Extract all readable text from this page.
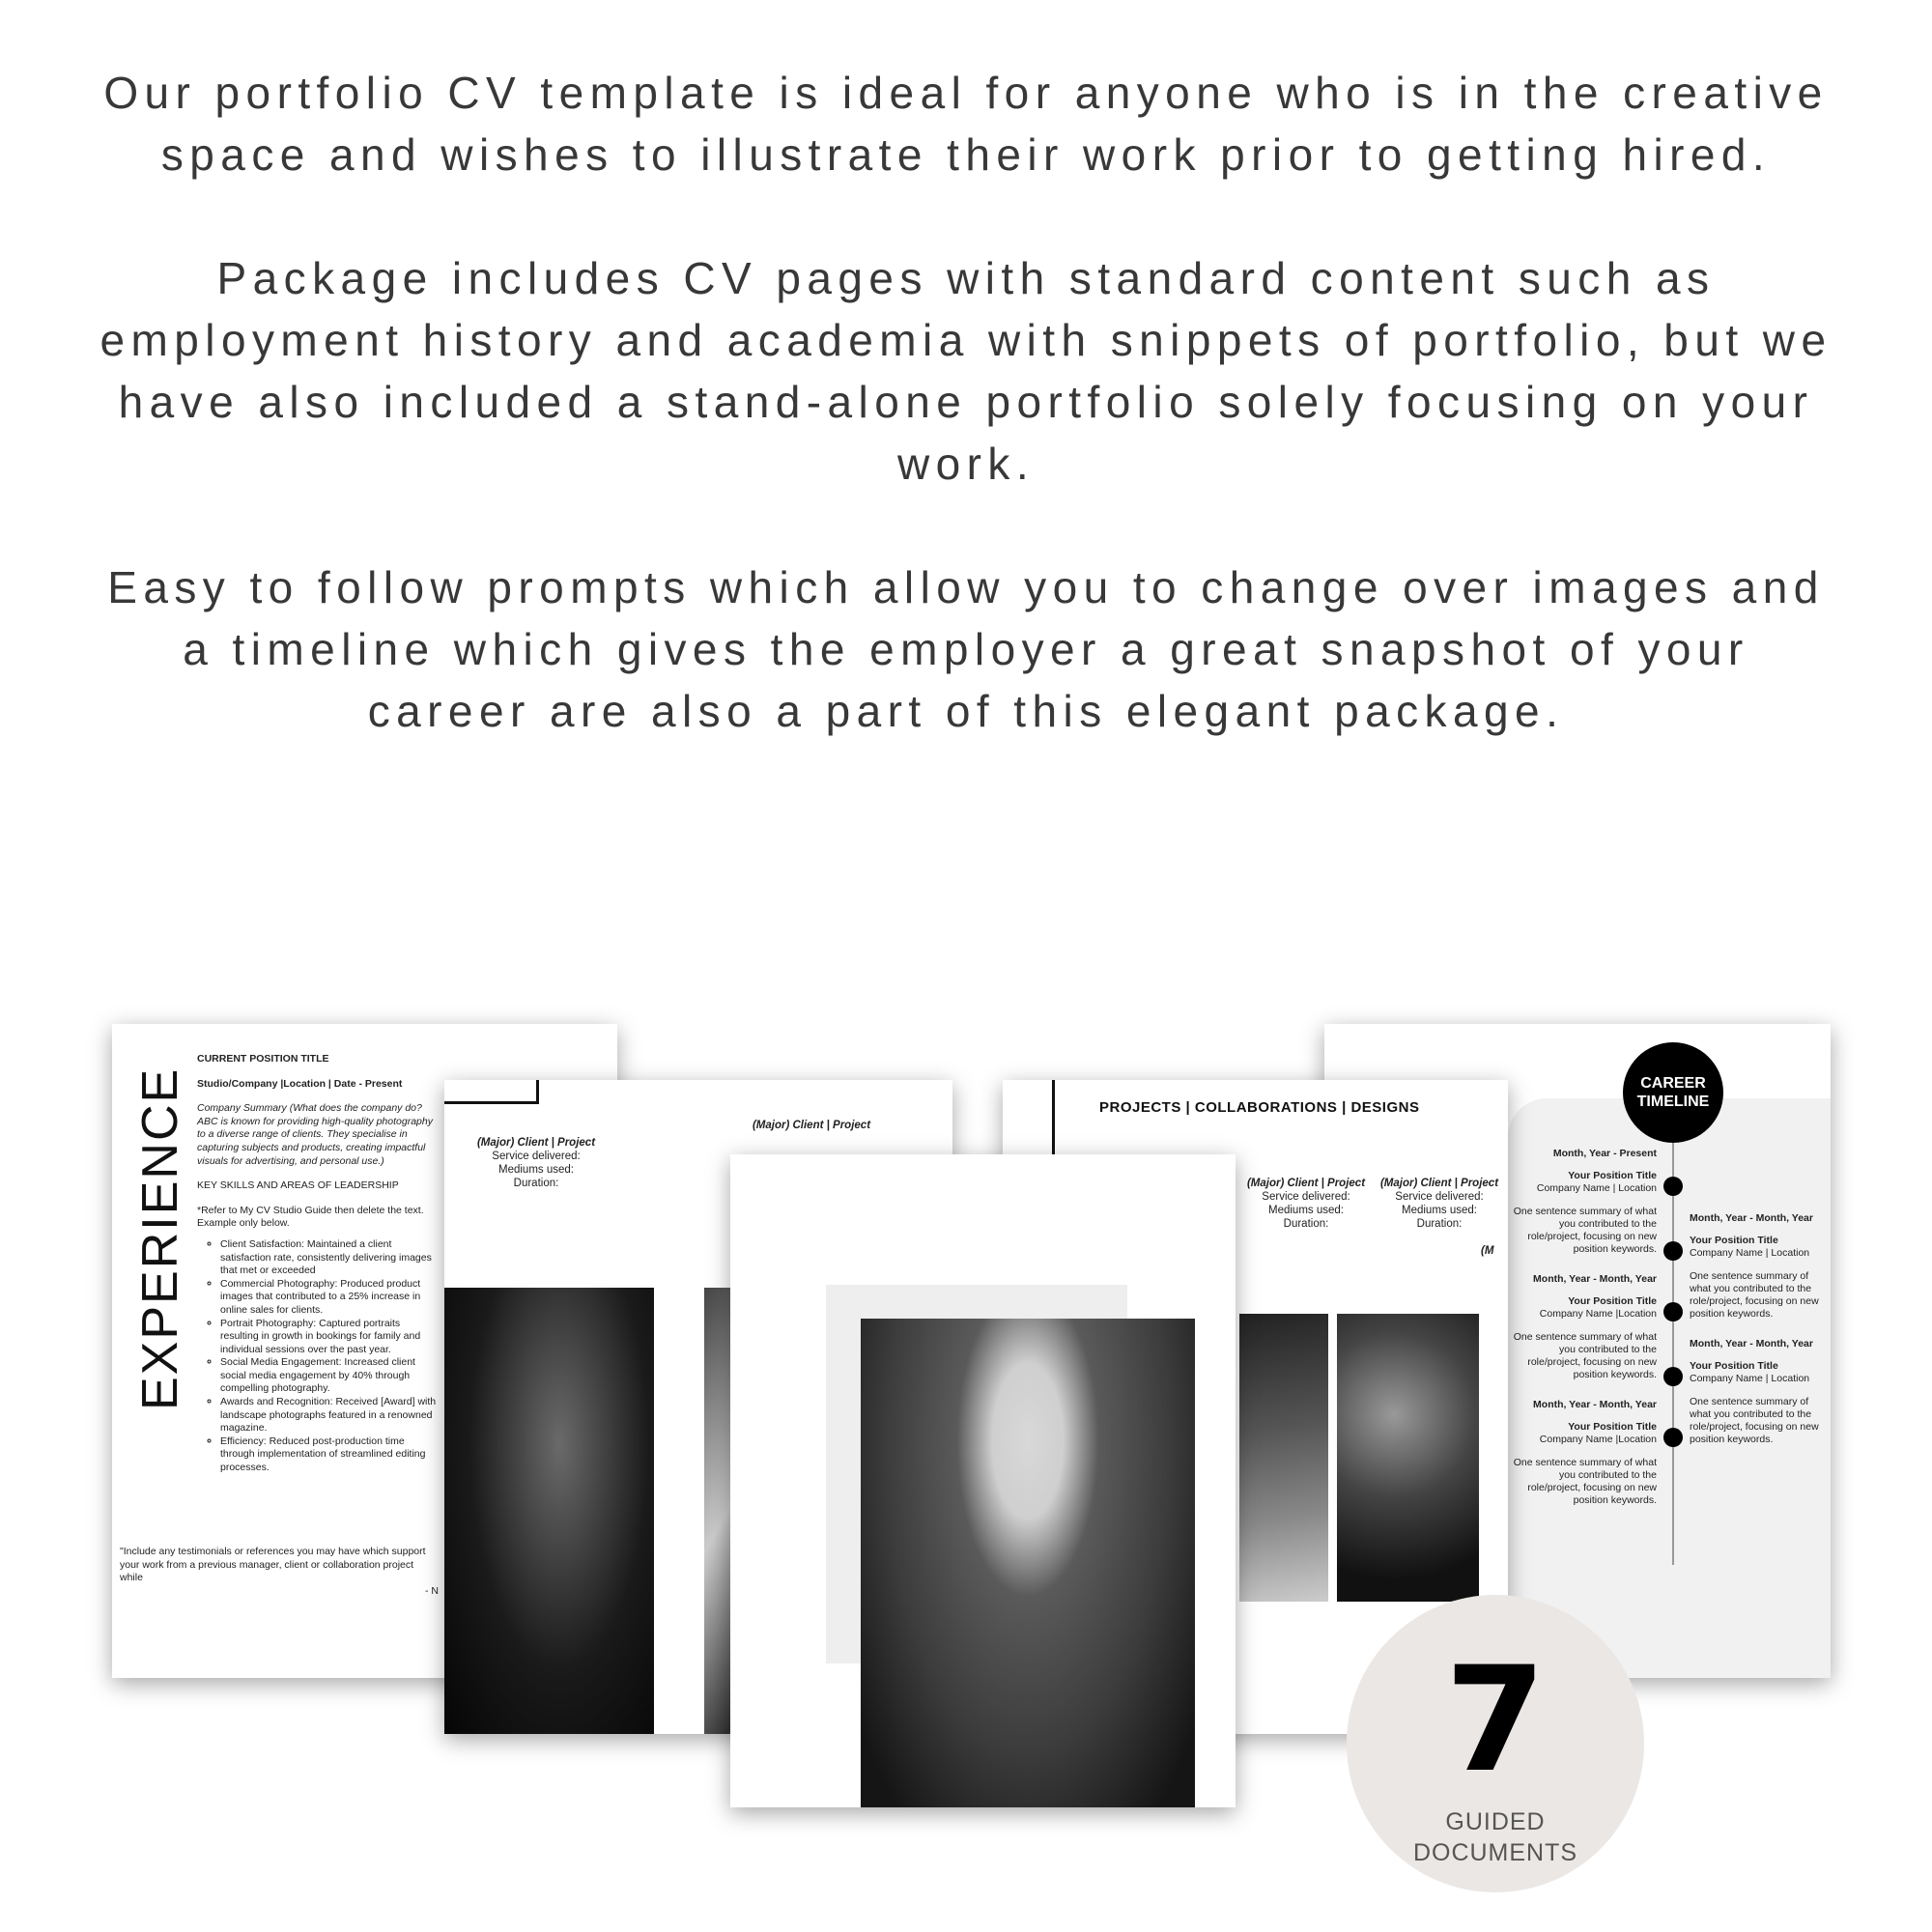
Our portfolio CV template is ideal for anyone who is in the creative space and wishes to illustrate their work prior to getting hired.

Package includes CV pages with standard content such as employment history and academia with snippets of portfolio, but we have also included a stand-alone portfolio solely focusing on your work.

Easy to follow prompts which allow you to change over images and a timeline which gives the employer a great snapshot of your career are also a part of this elegant package.

EXPERIENCE
CURRENT POSITION TITLE
Studio/Company |Location | Date - Present
Company Summary (What does the company do? ABC is known for providing high-quality photography to a diverse range of clients. They specialise in capturing subjects and products, creating impactful visuals for advertising, and personal use.)
KEY SKILLS AND AREAS OF LEADERSHIP
*Refer to My CV Studio Guide then delete the text. Example only below.
◦ Client Satisfaction: Maintained a client satisfaction rate, consistently delivering images that met or exceeded
◦ Commercial Photography: Produced product images that contributed to a 25% increase in online sales for clients.
◦ Portrait Photography: Captured portraits resulting in growth in bookings for family and individual sessions over the past year.
◦ Social Media Engagement: Increased client social media engagement by 40% through compelling photography.
◦ Awards and Recognition: Received [Award] with landscape photographs featured in a renowned magazine.
◦ Efficiency: Reduced post-production time through implementation of streamlined editing processes.
"Include any testimonials or references you may have which support your work from a previous manager, client or collaboration project while
- N
CAREER
TIMELINE
Month, Year - Present
Your Position Title
Company Name | Location
One sentence summary of what you contributed to the role/project, focusing on new position keywords.
Month, Year - Month, Year
Your Position Title
Company Name | Location
One sentence summary of what you contributed to the role/project, focusing on new position keywords.
Month, Year - Month, Year
Your Position Title
Company Name |Location
One sentence summary of what you contributed to the role/project, focusing on new position keywords.
Month, Year - Month, Year
Your Position Title
Company Name | Location
One sentence summary of what you contributed to the role/project, focusing on new position keywords.
Month, Year - Month, Year
Your Position Title
Company Name |Location
One sentence summary of what you contributed to the role/project, focusing on new position keywords.
(Major) Client | Project
Service delivered:
Mediums used:
Duration:
(Major) Client | Project
PROJECTS | COLLABORATIONS | DESIGNS
(Major) Client | Project
Service delivered:
Mediums used:
Duration:
(Major) Client | Project
Service delivered:
Mediums used:
Duration:
(M
7
GUIDED
DOCUMENTS
